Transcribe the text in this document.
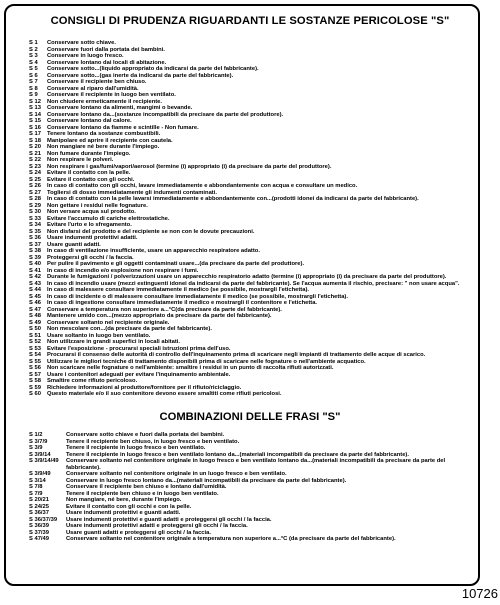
CONSIGLI DI PRUDENZA RIGUARDANTI LE SOSTANZE PERICOLOSE "S"
S 1	Conservare sotto chiave.
S 2	Conservare fuori dalla portata dei bambini.
S 3	Conservare in luogo fresco.
S 4	Conservare lontano dai locali di abitazione.
S 5	Conservare sotto...(liquido appropriato da indicarsi da parte del fabbricante).
S 6	Conservare sotto...(gas inerte da indicarsi da parte del fabbricante).
S 7	Conservare il recipiente ben chiuso.
S 8	Conservare al riparo dall'umidità.
S 9	Conservare il recipiente in luogo ben ventilato.
S 12	Non chiudere ermeticamente il recipiente.
S 13	Conservare lontano da alimenti, mangimi o bevande.
S 14	Conservare lontano da...(sostanze incompatibili da precisare da parte del produttore).
S 15	Conservare lontano dal calore.
S 16	Conservare lontano da fiamme e scintille - Non fumare.
S 17	Tenere lontano da sostanze combustibili.
S 18	Manipolare ed aprire il recipiente con cautela.
S 20	Non mangiare né bere durante l'impiego.
S 21	Non fumare durante l'impiego.
S 22	Non respirare le polveri.
S 23	Non respirare i gas/fumi/vapori/aerosol (termine (i) appropriato (i) da precisare da parte del produttore).
S 24	Evitare il contatto con la pelle.
S 25	Evitare il contatto con gli occhi.
S 26	In caso di contatto con gli occhi, lavare immediatamente e abbondantemente con acqua e consultare un medico.
S 27	Togliersi di dosso immediatamente gli indumenti contaminati.
S 28	In caso di contatto con la pelle lavarsi immediatamente e abbondantemente con...(prodotti idonei da indicarsi da parte del fabbricante).
S 29	Non gettare i residui nelle fognature.
S 30	Non versare acqua sul prodotto.
S 33	Evitare l'accumulo di cariche elettrostatiche.
S 34	Evitare l'urto e lo sfregamento.
S 35	Non disfarsi del prodotto e del recipiente se non con le dovute precauzioni.
S 36	Usare indumenti protettivi adatti.
S 37	Usare guanti adatti.
S 38	In caso di ventilazione insufficiente, usare un apparecchio respiratore adatto.
S 39	Proteggersi gli occhi / la faccia.
S 40	Per pulire il pavimento e gli oggetti contaminati usare...(da precisare da parte del produttore).
S 41	In caso di incendio e/o esplosione non respirare i fumi.
S 42	Durante le fumigazioni / polverizzazioni usare un apparecchio respiratorio adatto (termine (i) appropriato (i) da precisare da parte del produttore).
S 43	In caso di incendio usare (mezzi estinguenti idonei da indicarsi da parte del fabbricante). Se l'acqua aumenta il rischio, precisare: " non usare acqua".
S 44	In caso di malessere consultare immediatamente il medico (se possibile, mostrargli l'etichetta).
S 45	In caso di incidente o di malessere consultare immediatamente il medico (se possibile, mostrargli l'etichetta).
S 46	In caso di ingestione consultare immediatamente il medico e mostrargli il contenitore e l'etichetta.
S 47	Conservare a temperatura non superiore a...°C(da precisare da parte del fabbricante).
S 48	Mantenere umido con...(mezzo appropriato da precisare da parte del fabbricante).
S 49	Conservare soltanto nel recipiente originale.
S 50	Non mescolare con...(da precisare da parte del fabbricante).
S 51	Usare soltanto in luogo ben ventilato.
S 52	Non utilizzare in grandi superfici in locali abitati.
S 53	Evitare l'esposizione - procurarsi speciali istruzioni prima dell'uso.
S 54	Procurarsi il consenso delle autorità di controllo dell'inquinamento prima di scaricare negli impianti di trattamento delle acque di scarico.
S 55	Utilizzare le migliori tecniche di trattamento disponibili prima di scaricare nelle fognature o nell'ambiente acquatico.
S 56	Non scaricare nelle fognature o nell'ambiente: smaltire i residui in un punto di raccolta rifiuti autorizzati.
S 57	Usare i contenitori adeguati per evitare l'inquinamento ambientale.
S 58	Smaltire come rifiuto pericoloso.
S 59	Richiedere informazioni al produttore/fornitore per il rifiuto/riciclaggio.
S 60	Questo materiale e/o il suo contenitore devono essere smaltiti come rifiuti pericolosi.
COMBINAZIONI DELLE FRASI "S"
S 1/2	Conservare sotto chiave e fuori dalla portata dei bambini.
S 3/7/9	Tenere il recipiente ben chiuso, in luogo fresco e ben ventilato.
S 3/9	Tenere il recipiente in luogo fresco e ben ventilato.
S 3/9/14	Tenere il recipiente in luogo fresco e ben ventilato lontano da...(materiali incompatibili da precisare da parte del fabbricante).
S 3/9/14/49	Conservare soltanto nel contenitore originale in luogo fresco e ben ventilato lontano da...(materiali incompatibili da precisare da parte del fabbricante).
S 3/9/49	Conservare soltanto nel contenitore originale in un luogo fresco e ben ventilato.
S 3/14	Conservare in luogo fresco lontano da...(materiali incompatibili da precisare da parte del fabbricante).
S 7/8	Conservare il recipiente ben chiuso e lontano dall'umidità.
S 7/9	Tenere il recipiente ben chiuso e in luogo ben ventilato.
S 20/21	Non mangiare, né bere, durante l'impiego.
S 24/25	Evitare il contatto con gli occhi e con la pelle.
S 36/37	Usare indumenti protettivi e guanti adatti.
S 36/37/39	Usare indumenti protettivi e guanti adatti e proteggersi gli occhi / la faccia.
S 36/39	Usare indumenti protettivi adatti e proteggersi gli occhi / la faccia.
S 37/39	Usare guanti adatti e proteggersi gli occhi / la faccia.
S 47/49	Conservare soltanto nel contenitore originale a temperatura non superiore a...°C (da precisare da parte del fabbricante).
10726
